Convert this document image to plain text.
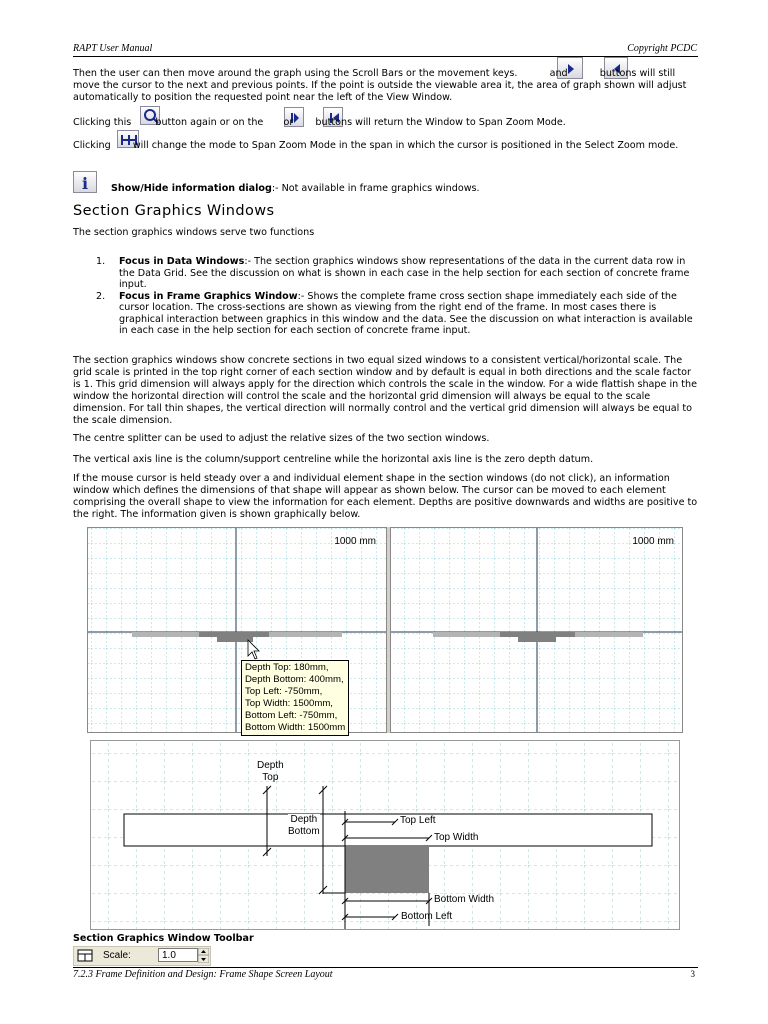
RAPT User Manual	Copyright PCDC

Then the user can then move around the graph using the Scroll Bars or the movement keys.	and	buttons will still move the cursor to the next and previous points. If the point is outside the viewable area it, the area of graph shown will adjust automatically to position the requested point near the left of the View Window.

Clicking this	button again or on the or buttons will return the Window to Span Zoom Mode.

Clicking will change the mode to Span Zoom Mode in the span in which the cursor is positioned in the Select Zoom mode.

i Show/Hide information dialog:- Not available in frame graphics windows.

Section Graphics Windows

The section graphics windows serve two functions

1.	Focus in Data Windows:- The section graphics windows show representations of the data in the current data row in the Data Grid. See the discussion on what is shown in each case in the help section for each section of concrete frame input.
2.	Focus in Frame Graphics Window:- Shows the complete frame cross section shape immediately each side of the cursor location. The cross-sections are shown as viewing from the right end of the frame. In most cases there is graphical interaction between graphics in this window and the data. See the discussion on what interaction is available in each case in the help section for each section of concrete frame input.

The section graphics windows show concrete sections in two equal sized windows to a consistent vertical/horizontal scale. The grid scale is printed in the top right corner of each section window and by default is equal in both directions and the scale factor is 1. This grid dimension will always apply for the direction which controls the scale in the window. For a wide flattish shape in the window the horizontal direction will control the scale and the horizontal grid dimension will always be equal to the scale dimension. For tall thin shapes, the vertical direction will normally control and the vertical grid dimension will always be equal to the scale dimension.

The centre splitter can be used to adjust the relative sizes of the two section windows.

The vertical axis line is the column/support centreline while the horizontal axis line is the zero depth datum.

If the mouse cursor is held steady over a and individual element shape in the section windows (do not click), an information window which defines the dimensions of that shape will appear as shown below. The cursor can be moved to each element comprising the overall shape to view the information for each element. Depths are positive downwards and widths are positive to the right. The information given is shown graphically below.

1000 mm	1000 mm
Depth Top: 180mm,
Depth Bottom: 400mm,
Top Left: -750mm,
Top Width: 1500mm,
Bottom Left: -750mm,
Bottom Width: 1500mm
Depth
Top
Depth
Bottom
Top Left
Top Width
Bottom Width
Bottom Left
Section Graphics Window Toolbar
Scale:	1.0
7.2.3 Frame Definition and Design: Frame Shape Screen Layout	3
